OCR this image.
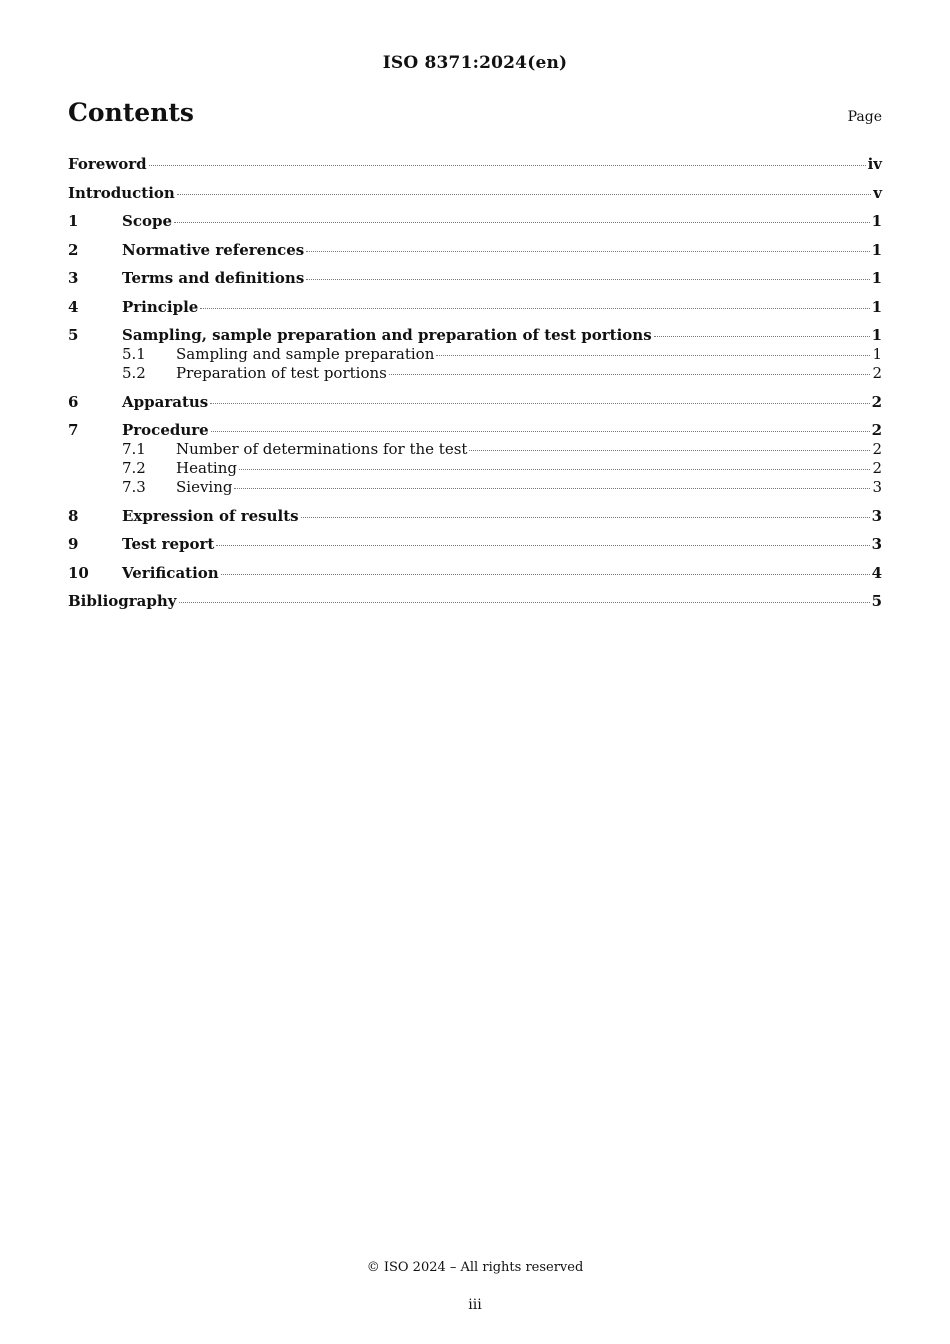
ISO 8371:2024(en)
Contents	Page
Foreword	iv
Introduction	v
1	Scope	1
2	Normative references	1
3	Terms and definitions	1
4	Principle	1
5	Sampling, sample preparation and preparation of test portions	1
5.1	Sampling and sample preparation	1
5.2	Preparation of test portions	2
6	Apparatus	2
7	Procedure	2
7.1	Number of determinations for the test	2
7.2	Heating	2
7.3	Sieving	3
8	Expression of results	3
9	Test report	3
10	Verification	4
Bibliography	5
© ISO 2024 – All rights reserved
iii
